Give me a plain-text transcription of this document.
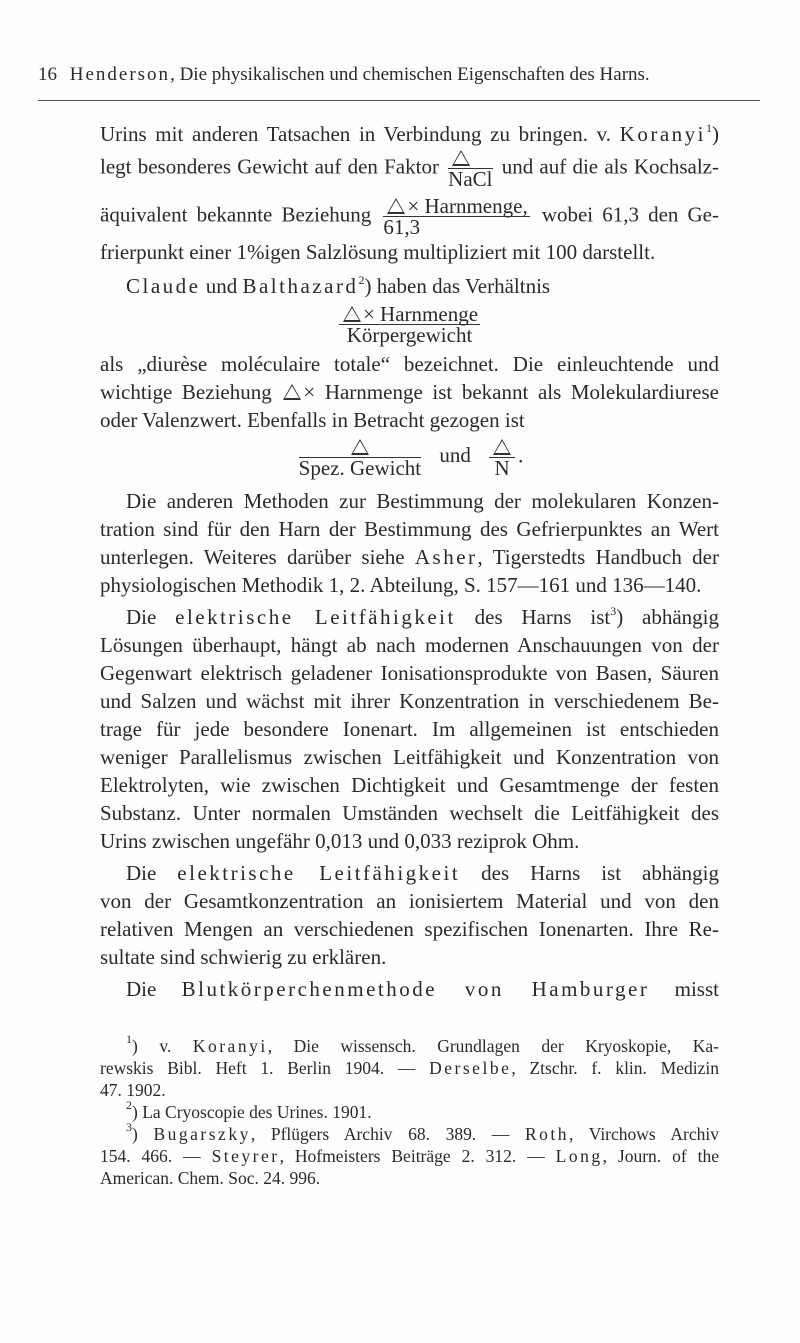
16 Henderson, Die physikalischen und chemischen Eigenschaften des Harns.
Urins mit anderen Tatsachen in Verbindung zu bringen. v. Koranyi$^1$)
legt besonderes Gewicht auf den Faktor
NaCl
und auf die als Kochsalz-
äquivalent bekannte Beziehung $\frac{\text{× Harnmenge,}}{61,3}$ wobei 61,3 den Ge-
frierpunkt einer 1%igen Salzlösung multipliziert mit 100 darstellt.
Claude und Balthazard$^2$) haben das Verhältnis
$\frac{\text{× Harnmenge}}{\text{Körpergewicht}}$
als „diurèse moléculaire totale“ bezeichnet. Die einleuchtende und
wichtige Beziehung × Harnmenge ist bekannt als Molekulardiurese
oder Valenzwert. Ebenfalls in Betracht gezogen ist
Spez. Gewicht
und
N
.
Die anderen Methoden zur Bestimmung der molekularen Konzen-
tration sind für den Harn der Bestimmung des Gefrierpunktes an Wert
unterlegen. Weiteres darüber siehe Asher, Tigerstedts Handbuch der
physiologischen Methodik 1, 2. Abteilung, S. 157—161 und 136—140.
Die elektrische Leitfähigkeit des Harns ist$^3$) abhängig
Lösungen überhaupt, hängt ab nach modernen Anschauungen von der
Gegenwart elektrisch geladener Ionisationsprodukte von Basen, Säuren
und Salzen und wächst mit ihrer Konzentration in verschiedenem Be-
trage für jede besondere Ionenart. Im allgemeinen ist entschieden
weniger Parallelismus zwischen Leitfähigkeit und Konzentration von
Elektrolyten, wie zwischen Dichtigkeit und Gesamtmenge der festen
Substanz. Unter normalen Umständen wechselt die Leitfähigkeit des
Urins zwischen ungefähr 0,013 und 0,033 reziprok Ohm.
Die elektrische Leitfähigkeit des Harns ist abhängig
von der Gesamtkonzentration an ionisiertem Material und von den
relativen Mengen an verschiedenen spezifischen Ionenarten. Ihre Re-
sultate sind schwierig zu erklären.
Die Blutkörperchenmethode von Hamburger misst
$^1$) v. Koranyi, Die wissensch. Grundlagen der Kryoskopie, Ka-
rewskis Bibl. Heft 1. Berlin 1904. — Derselbe, Ztschr. f. klin. Medizin
47. 1902.
$^2$) La Cryoscopie des Urines. 1901.
$^3$) Bugarszky, Pflügers Archiv 68. 389. — Roth, Virchows Archiv
154. 466. — Steyrer, Hofmeisters Beiträge 2. 312. — Long, Journ. of the
American. Chem. Soc. 24. 996.
